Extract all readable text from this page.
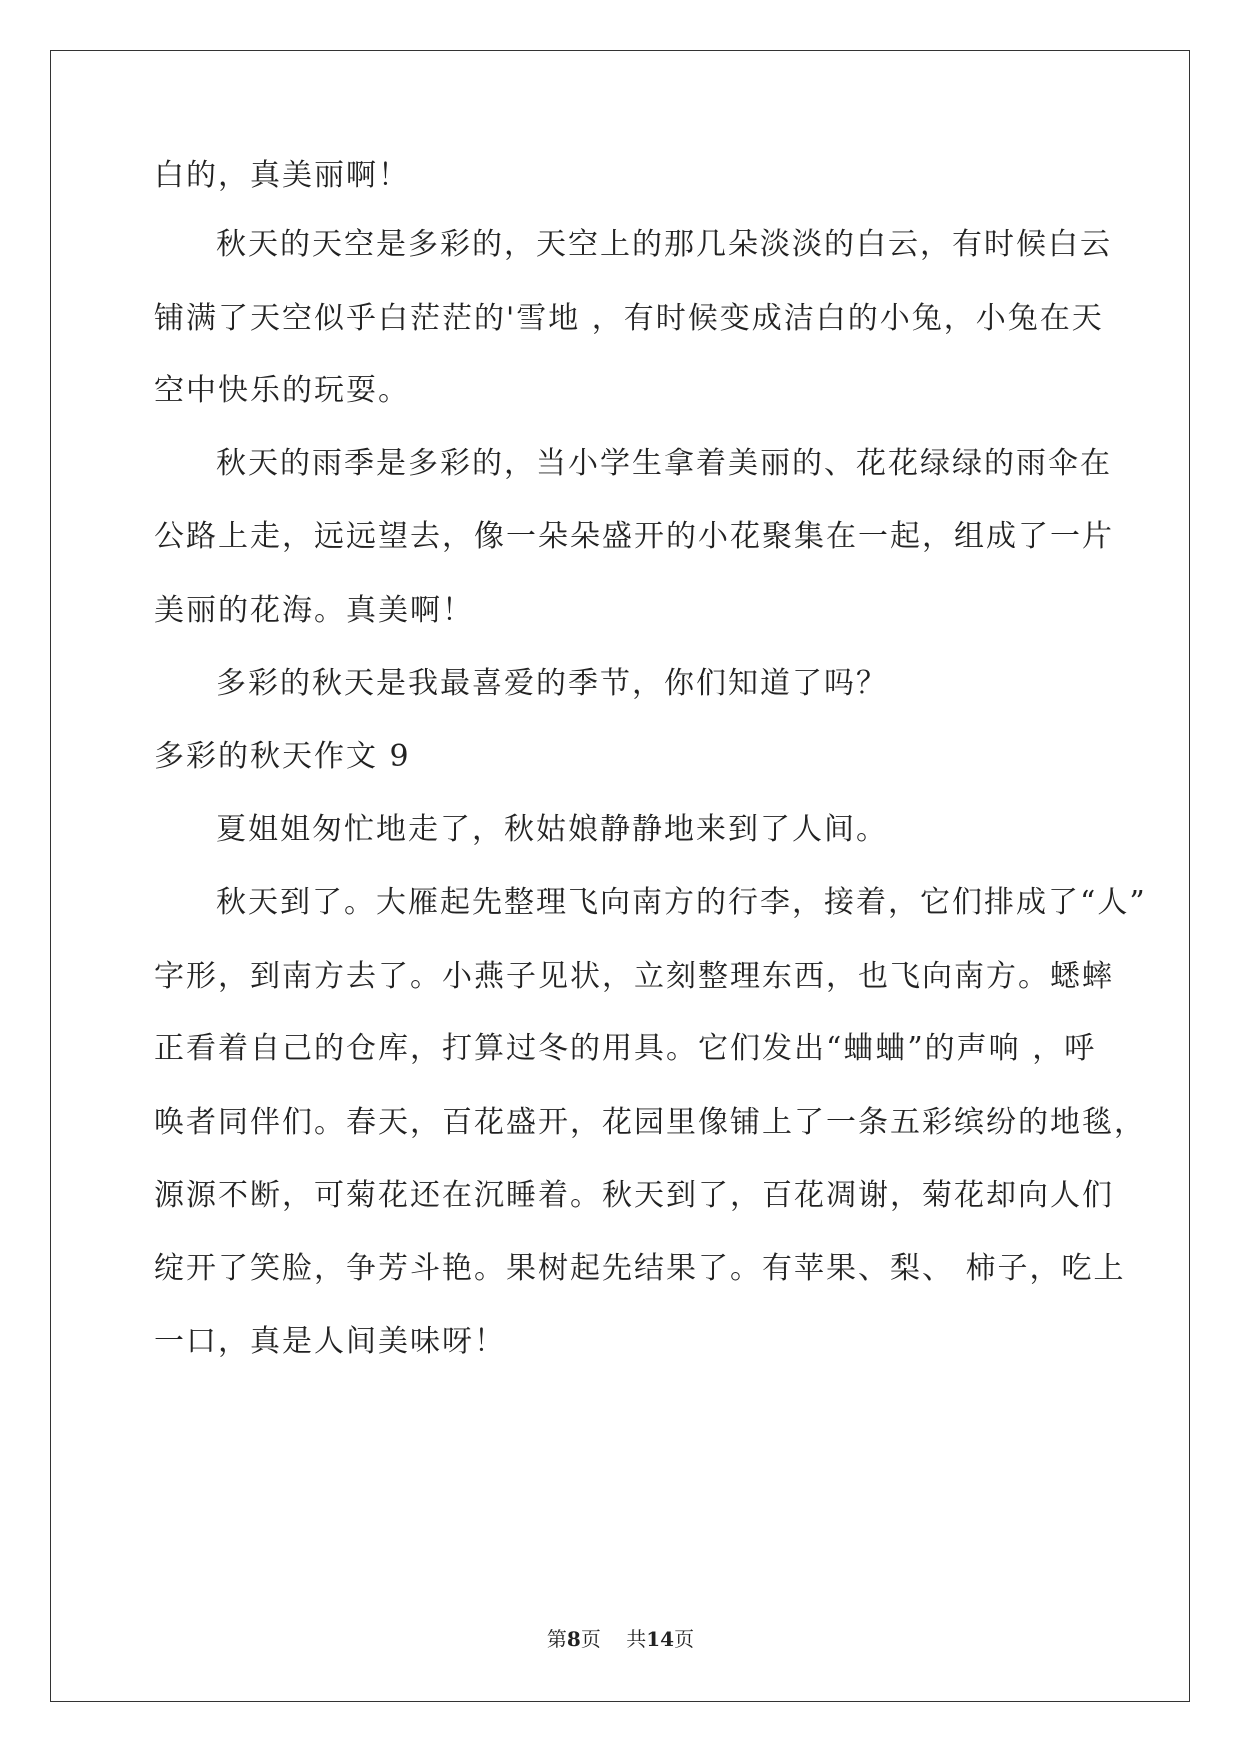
白的，真美丽啊！
秋天的天空是多彩的，天空上的那几朵淡淡的白云，有时候白云
铺满了天空似乎白茫茫的'雪地 ，有时候变成洁白的小兔，小兔在天
空中快乐的玩耍。
秋天的雨季是多彩的，当小学生拿着美丽的、花花绿绿的雨伞在
公路上走，远远望去，像一朵朵盛开的小花聚集在一起，组成了一片
美丽的花海。真美啊！
多彩的秋天是我最喜爱的季节，你们知道了吗？
多彩的秋天作文 9
夏姐姐匆忙地走了，秋姑娘静静地来到了人间。
秋天到了。大雁起先整理飞向南方的行李，接着，它们排成了“人”
字形，到南方去了。小燕子见状，立刻整理东西，也飞向南方。蟋蟀
正看着自己的仓库，打算过冬的用具。它们发出“蛐蛐”的声响 ，呼
唤者同伴们。春天，百花盛开，花园里像铺上了一条五彩缤纷的地毯，
源源不断，可菊花还在沉睡着。秋天到了，百花凋谢，菊花却向人们
绽开了笑脸，争芳斗艳。果树起先结果了。有苹果、梨、 柿子，吃上
一口，真是人间美味呀！
第8页 共14页
